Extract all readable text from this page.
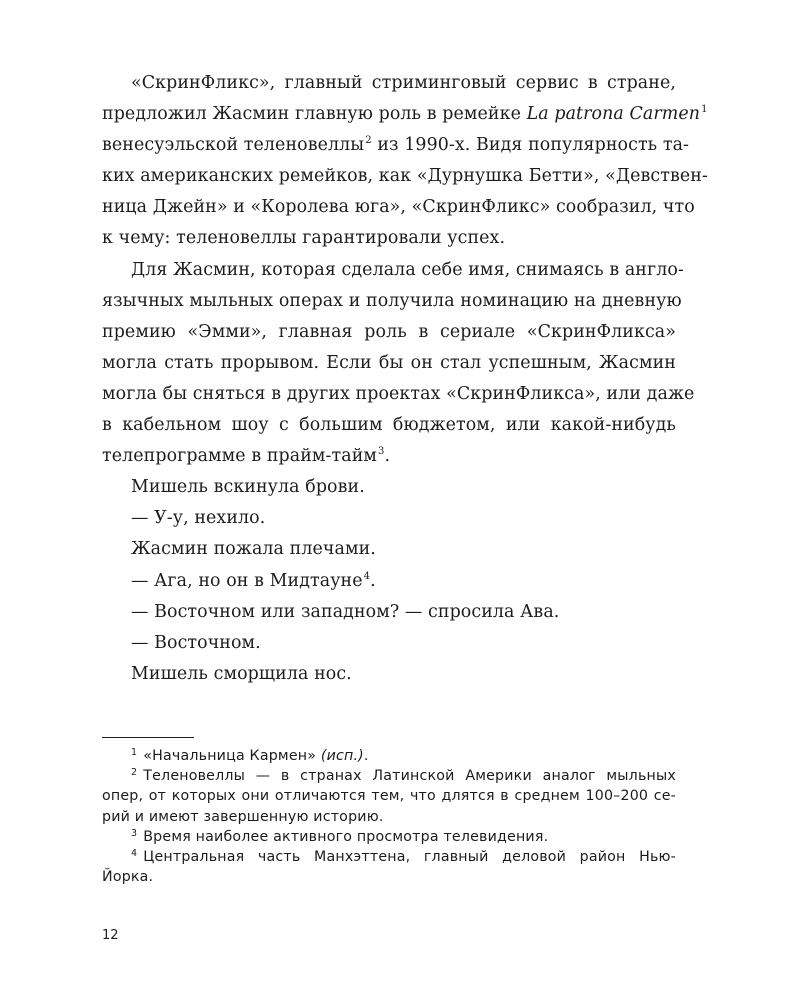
«СкринФликс», главный стриминговый сервис в стране,
предложил Жасмин главную роль в ремейке La patrona Carmen$^1$
венесуэльской теленовеллы$^2$ из 1990-х. Видя популярность та-
ких американских ремейков, как «Дурнушка Бетти», «Девствен-
ница Джейн» и «Королева юга», «СкринФликс» сообразил, что
к чему: теленовеллы гарантировали успех.
Для Жасмин, которая сделала себе имя, снимаясь в англо-
язычных мыльных операх и получила номинацию на дневную
премию «Эмми», главная роль в сериале «СкринФликса»
могла стать прорывом. Если бы он стал успешным, Жасмин
могла бы сняться в других проектах «СкринФликса», или даже
в кабельном шоу с большим бюджетом, или какой-нибудь
телепрограмме в прайм-тайм$^3$.
Мишель вскинула брови.
— У-у, нехило.
Жасмин пожала плечами.
— Ага, но он в Мидтауне$^4$.
— Восточном или западном? — спросила Ава.
— Восточном.
Мишель сморщила нос.
$^1$ «Начальница Кармен» (исп.).
$^2$ Теленовеллы — в странах Латинской Америки аналог мыльных
опер, от которых они отличаются тем, что длятся в среднем 100–200 се-
рий и имеют завершенную историю.
$^3$ Время наиболее активного просмотра телевидения.
$^4$ Центральная часть Манхэттена, главный деловой район Нью-
Йорка.
12
